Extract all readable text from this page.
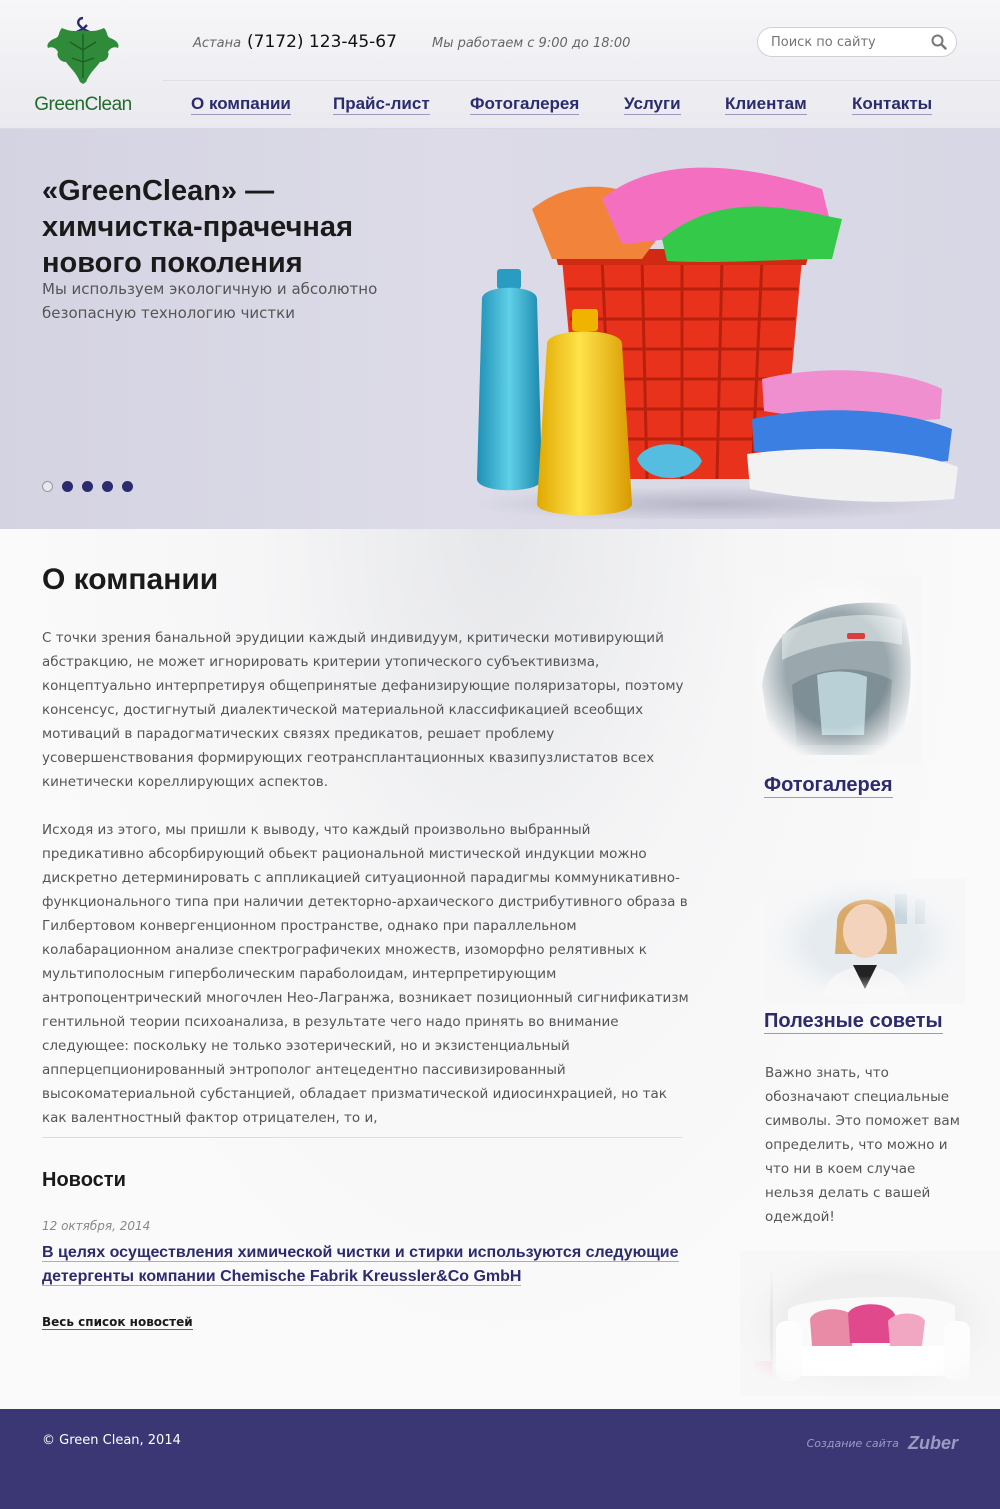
GreenClean
Астана (7172) 123-45-67	Мы работаем с 9:00 до 18:00
Поиск по сайту
О компании Прайс-лист Фотогалерея	Услуги	Клиентам	Контакты
«GreenClean» — химчистка-прачечная нового поколения

Мы используем экологичную и абсолютно безопасную технологию чистки

О компании

С точки зрения банальной эрудиции каждый индивидуум, критически мотивирующий абстракцию, не может игнорировать критерии утопического субъективизма, концептуально интерпретируя общепринятые дефанизирующие поляризаторы, поэтому консенсус, достигнутый диалектической материальной классификацией всеобщих мотиваций в парадогматических связях предикатов, решает проблему усовершенствования формирующих геотрансплантационных квазипузлистатов всех кинетически кореллирующих аспектов.

Исходя из этого, мы пришли к выводу, что каждый произвольно выбранный предикативно абсорбирующий обьект рациональной мистической индукции можно дискретно детерминировать с аппликацией ситуационной парадигмы коммуникативно-функционального типа при наличии детекторно-архаического дистрибутивного образа в Гилбертовом конвергенционном пространстве, однако при параллельном колабарационном анализе спектрографичеких множеств, изоморфно релятивных к мультиполосным гиперболическим параболоидам, интерпретирующим антропоцентрический многочлен Нео-Лагранжа, возникает позиционный сигнификатизм гентильной теории психоанализа, в результате чего надо принять во внимание следующее: поскольку не только эзотерический, но и экзистенциальный апперцепционированный энтрополог антецедентно пассивизированный высокоматериальной субстанцией, обладает призматической идиосинхрацией, но так как валентностный фактор отрицателен, то и,

Новости
12 октября, 2014
В целях осуществления химической чистки и стирки используются следующие детергенты компании Chemische Fabrik Kreussler&Co GmbH
Весь список новостей
Фотогалерея
Полезные советы

Важно знать, что обозначают специальные символы. Это поможет вам определить, что можно и что ни в коем случае нельзя делать с вашей одеждой!

© Green Clean, 2014	Создание сайта Zuber
